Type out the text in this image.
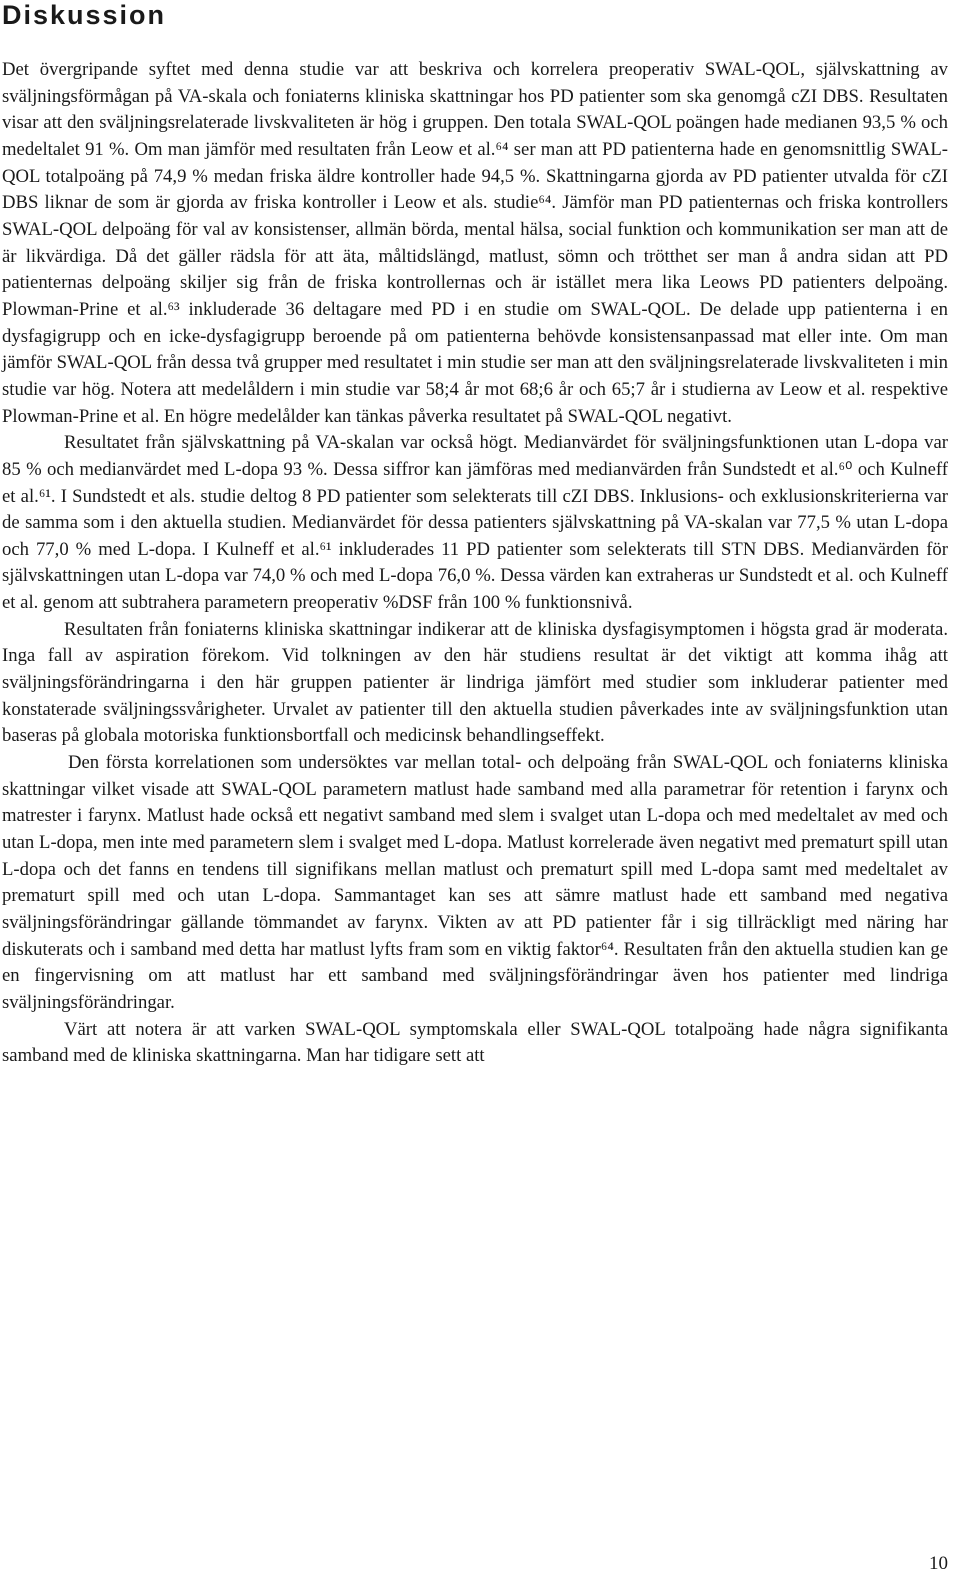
Diskussion

Det övergripande syftet med denna studie var att beskriva och korrelera preoperativ SWAL-QOL, självskattning av sväljningsförmågan på VA-skala och foniaterns kliniska skattningar hos PD patienter som ska genomgå cZI DBS. Resultaten visar att den sväljningsrelaterade livskvaliteten är hög i gruppen. Den totala SWAL-QOL poängen hade medianen 93,5 % och medeltalet 91 %. Om man jämför med resultaten från Leow et al.⁶⁴ ser man att PD patienterna hade en genomsnittlig SWAL-QOL totalpoäng på 74,9 % medan friska äldre kontroller hade 94,5 %. Skattningarna gjorda av PD patienter utvalda för cZI DBS liknar de som är gjorda av friska kontroller i Leow et als. studie⁶⁴. Jämför man PD patienternas och friska kontrollers SWAL-QOL delpoäng för val av konsistenser, allmän börda, mental hälsa, social funktion och kommunikation ser man att de är likvärdiga. Då det gäller rädsla för att äta, måltidslängd, matlust, sömn och trötthet ser man å andra sidan att PD patienternas delpoäng skiljer sig från de friska kontrollernas och är istället mera lika Leows PD patienters delpoäng. Plowman-Prine et al.⁶³ inkluderade 36 deltagare med PD i en studie om SWAL-QOL. De delade upp patienterna i en dysfagigrupp och en icke-dysfagigrupp beroende på om patienterna behövde konsistensanpassad mat eller inte. Om man jämför SWAL-QOL från dessa två grupper med resultatet i min studie ser man att den sväljningsrelaterade livskvaliteten i min studie var hög. Notera att medelåldern i min studie var 58;4 år mot 68;6 år och 65;7 år i studierna av Leow et al. respektive Plowman-Prine et al. En högre medelålder kan tänkas påverka resultatet på SWAL-QOL negativt.

Resultatet från självskattning på VA-skalan var också högt. Medianvärdet för sväljningsfunktionen utan L-dopa var 85 % och medianvärdet med L-dopa 93 %. Dessa siffror kan jämföras med medianvärden från Sundstedt et al.⁶⁰ och Kulneff et al.⁶¹. I Sundstedt et als. studie deltog 8 PD patienter som selekterats till cZI DBS. Inklusions- och exklusionskriterierna var de samma som i den aktuella studien. Medianvärdet för dessa patienters självskattning på VA-skalan var 77,5 % utan L-dopa och 77,0 % med L-dopa. I Kulneff et al.⁶¹ inkluderades 11 PD patienter som selekterats till STN DBS. Medianvärden för självskattningen utan L-dopa var 74,0 % och med L-dopa 76,0 %. Dessa värden kan extraheras ur Sundstedt et al. och Kulneff et al. genom att subtrahera parametern preoperativ %DSF från 100 % funktionsnivå.

Resultaten från foniaterns kliniska skattningar indikerar att de kliniska dysfagisymptomen i högsta grad är moderata. Inga fall av aspiration förekom. Vid tolkningen av den här studiens resultat är det viktigt att komma ihåg att sväljningsförändringarna i den här gruppen patienter är lindriga jämfört med studier som inkluderar patienter med konstaterade sväljningssvårigheter. Urvalet av patienter till den aktuella studien påverkades inte av sväljningsfunktion utan baseras på globala motoriska funktionsbortfall och medicinsk behandlingseffekt.

Den första korrelationen som undersöktes var mellan total- och delpoäng från SWAL-QOL och foniaterns kliniska skattningar vilket visade att SWAL-QOL parametern matlust hade samband med alla parametrar för retention i farynx och matrester i farynx. Matlust hade också ett negativt samband med slem i svalget utan L-dopa och med medeltalet av med och utan L-dopa, men inte med parametern slem i svalget med L-dopa. Matlust korrelerade även negativt med prematurt spill utan L-dopa och det fanns en tendens till signifikans mellan matlust och prematurt spill med L-dopa samt med medeltalet av prematurt spill med och utan L-dopa. Sammantaget kan ses att sämre matlust hade ett samband med negativa sväljningsförändringar gällande tömmandet av farynx. Vikten av att PD patienter får i sig tillräckligt med näring har diskuterats och i samband med detta har matlust lyfts fram som en viktig faktor⁶⁴. Resultaten från den aktuella studien kan ge en fingervisning om att matlust har ett samband med sväljningsförändringar även hos patienter med lindriga sväljningsförändringar.

Värt att notera är att varken SWAL-QOL symptomskala eller SWAL-QOL totalpoäng hade några signifikanta samband med de kliniska skattningarna. Man har tidigare sett att

10
